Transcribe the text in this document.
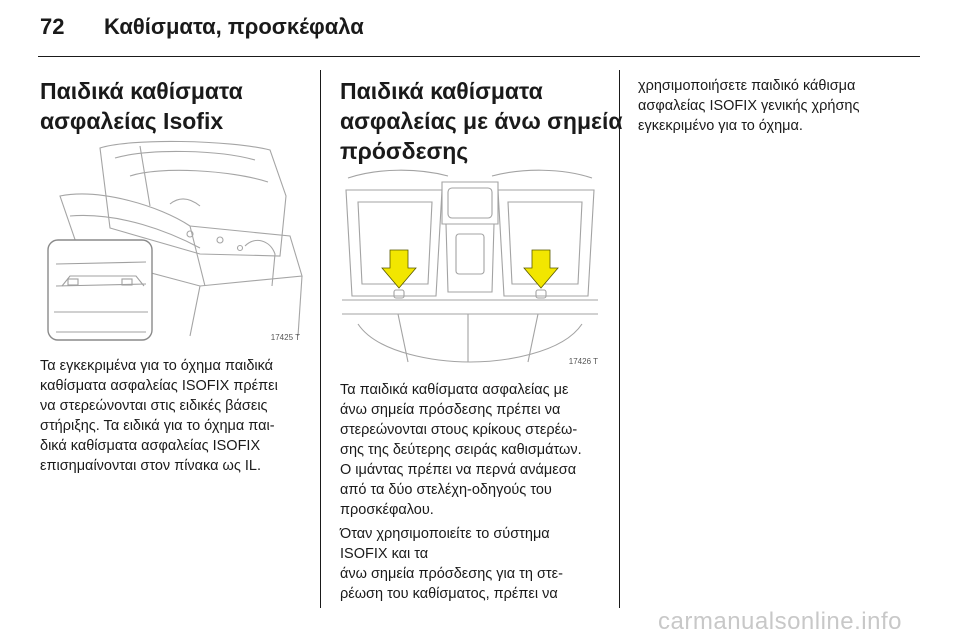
72	Καθίσματα, προσκέφαλα
Παιδικά καθίσματα
ασφαλείας Isofix
17425 T

Τα εγκεκριμένα για το όχημα παιδικά
καθίσματα ασφαλείας ISOFIX πρέπει
να στερεώνονται στις ειδικές βάσεις
στήριξης. Τα ειδικά για το όχημα παι-
δικά καθίσματα ασφαλείας ISOFIX
επισημαίνονται στον πίνακα ως IL.

Παιδικά καθίσματα
ασφαλείας με άνω σημεία
πρόσδεσης
17426 T

Τα παιδικά καθίσματα ασφαλείας με
άνω σημεία πρόσδεσης πρέπει να
στερεώνονται στους κρίκους στερέω-
σης της δεύτερης σειράς καθισμάτων.
Ο ιμάντας πρέπει να περνά ανάμεσα
από τα δύο στελέχη-οδηγούς του
προσκέφαλου.

Όταν χρησιμοποιείτε το σύστημα
ISOFIX και τα
άνω σημεία πρόσδεσης για τη στε-
ρέωση του καθίσματος, πρέπει να

χρησιμοποιήσετε παιδικό κάθισμα
ασφαλείας ISOFIX γενικής χρήσης
εγκεκριμένο για το όχημα.

carmanualsonline.info
